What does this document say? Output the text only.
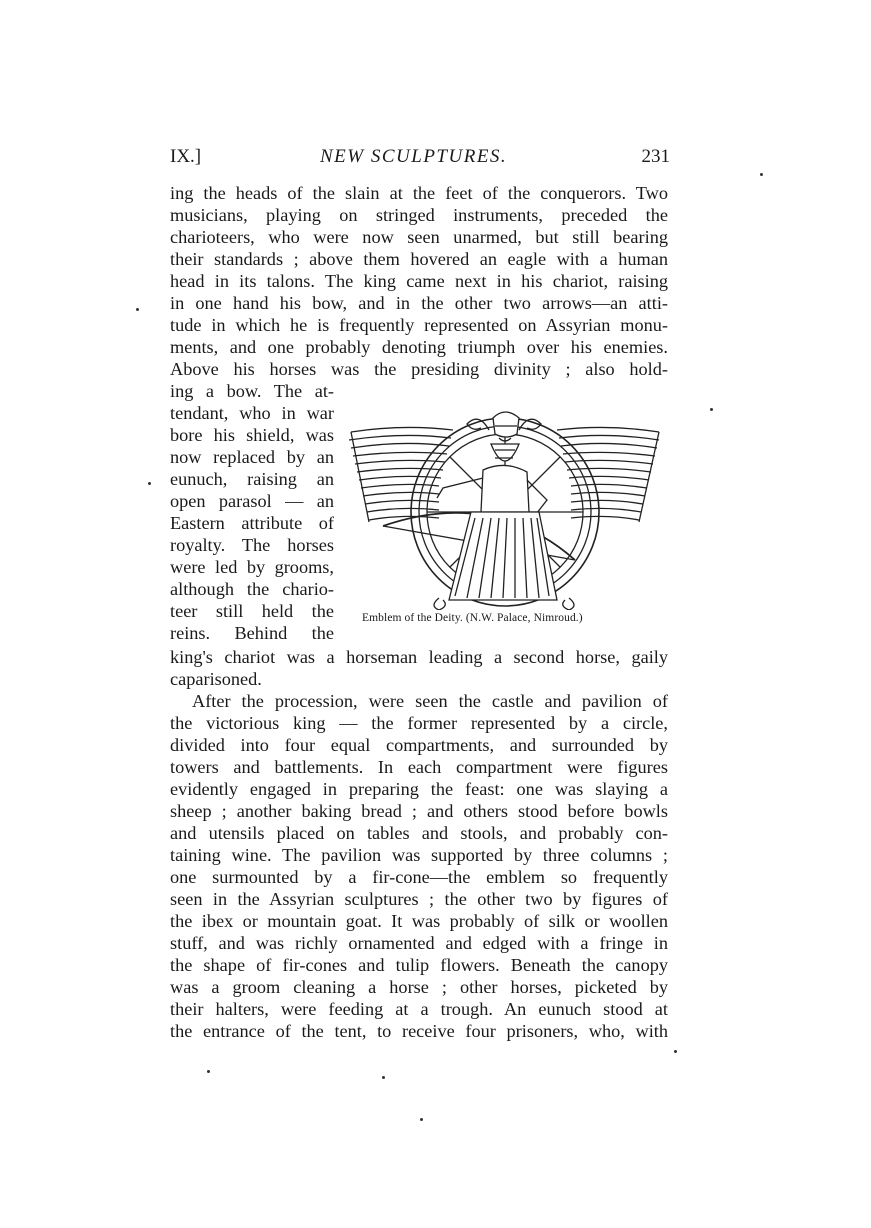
IX.]	NEW SCULPTURES.	231
ing the heads of the slain at the feet of the conquerors. Two
musicians, playing on stringed instruments, preceded the
charioteers, who were now seen unarmed, but still bearing
their standards ; above them hovered an eagle with a human
head in its talons. The king came next in his chariot, raising
in one hand his bow, and in the other two arrows—an atti-
tude in which he is frequently represented on Assyrian monu-
ments, and one probably denoting triumph over his enemies.
Above his horses was the presiding divinity ; also hold-
ing a bow. The at-
tendant, who in war
bore his shield, was
now replaced by an
eunuch, raising an
open parasol — an
Eastern attribute of
royalty. The horses
were led by grooms,
although the chario-
teer still held the
reins. Behind the
king's chariot was a horseman leading a second horse, gaily
caparisoned.
After the procession, were seen the castle and pavilion of
the victorious king — the former represented by a circle,
divided into four equal compartments, and surrounded by
towers and battlements. In each compartment were figures
evidently engaged in preparing the feast: one was slaying a
sheep ; another baking bread ; and others stood before bowls
and utensils placed on tables and stools, and probably con-
taining wine. The pavilion was supported by three columns ;
one surmounted by a fir-cone—the emblem so frequently
seen in the Assyrian sculptures ; the other two by figures of
the ibex or mountain goat. It was probably of silk or woollen
stuff, and was richly ornamented and edged with a fringe in
the shape of fir-cones and tulip flowers. Beneath the canopy
was a groom cleaning a horse ; other horses, picketed by
their halters, were feeding at a trough. An eunuch stood at
the entrance of the tent, to receive four prisoners, who, with
Emblem of the Deity. (N.W. Palace, Nimroud.)
